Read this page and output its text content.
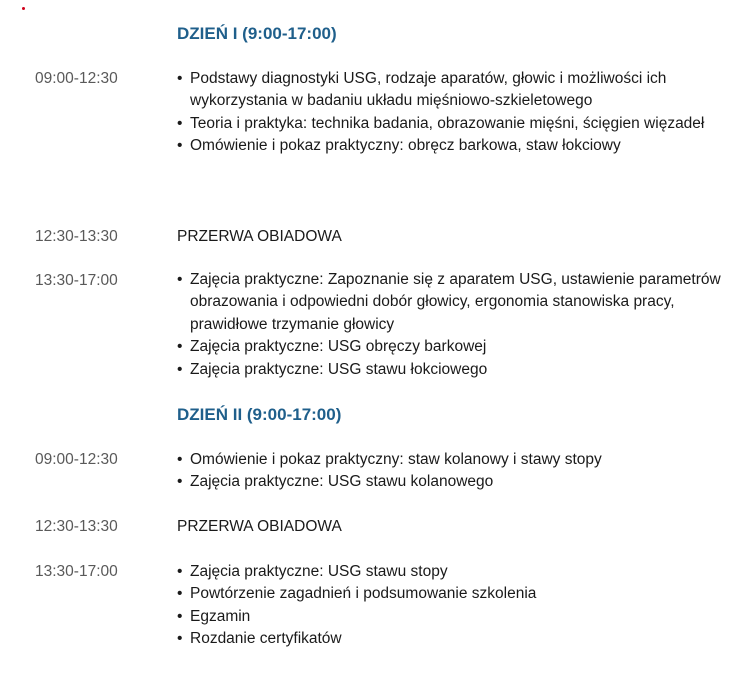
DZIEŃ I (9:00-17:00)
09:00-12:30	• Podstawy diagnostyki USG, rodzaje aparatów, głowic i możliwości ich wykorzystania w badaniu układu mięśniowo-szkieletowego
• Teoria i praktyka: technika badania, obrazowanie mięśni, ścięgien więzadeł
• Omówienie i pokaz praktyczny: obręcz barkowa, staw łokciowy
12:30-13:30	PRZERWA OBIADOWA
13:30-17:00	• Zajęcia praktyczne: Zapoznanie się z aparatem USG, ustawienie parametrów obrazowania i odpowiedni dobór głowicy, ergonomia stanowiska pracy, prawidłowe trzymanie głowicy
• Zajęcia praktyczne: USG obręczy barkowej
• Zajęcia praktyczne: USG stawu łokciowego
DZIEŃ II (9:00-17:00)
09:00-12:30	• Omówienie i pokaz praktyczny: staw kolanowy i stawy stopy
• Zajęcia praktyczne: USG stawu kolanowego
12:30-13:30	PRZERWA OBIADOWA
13:30-17:00	• Zajęcia praktyczne: USG stawu stopy
• Powtórzenie zagadnień i podsumowanie szkolenia
• Egzamin
• Rozdanie certyfikatów
